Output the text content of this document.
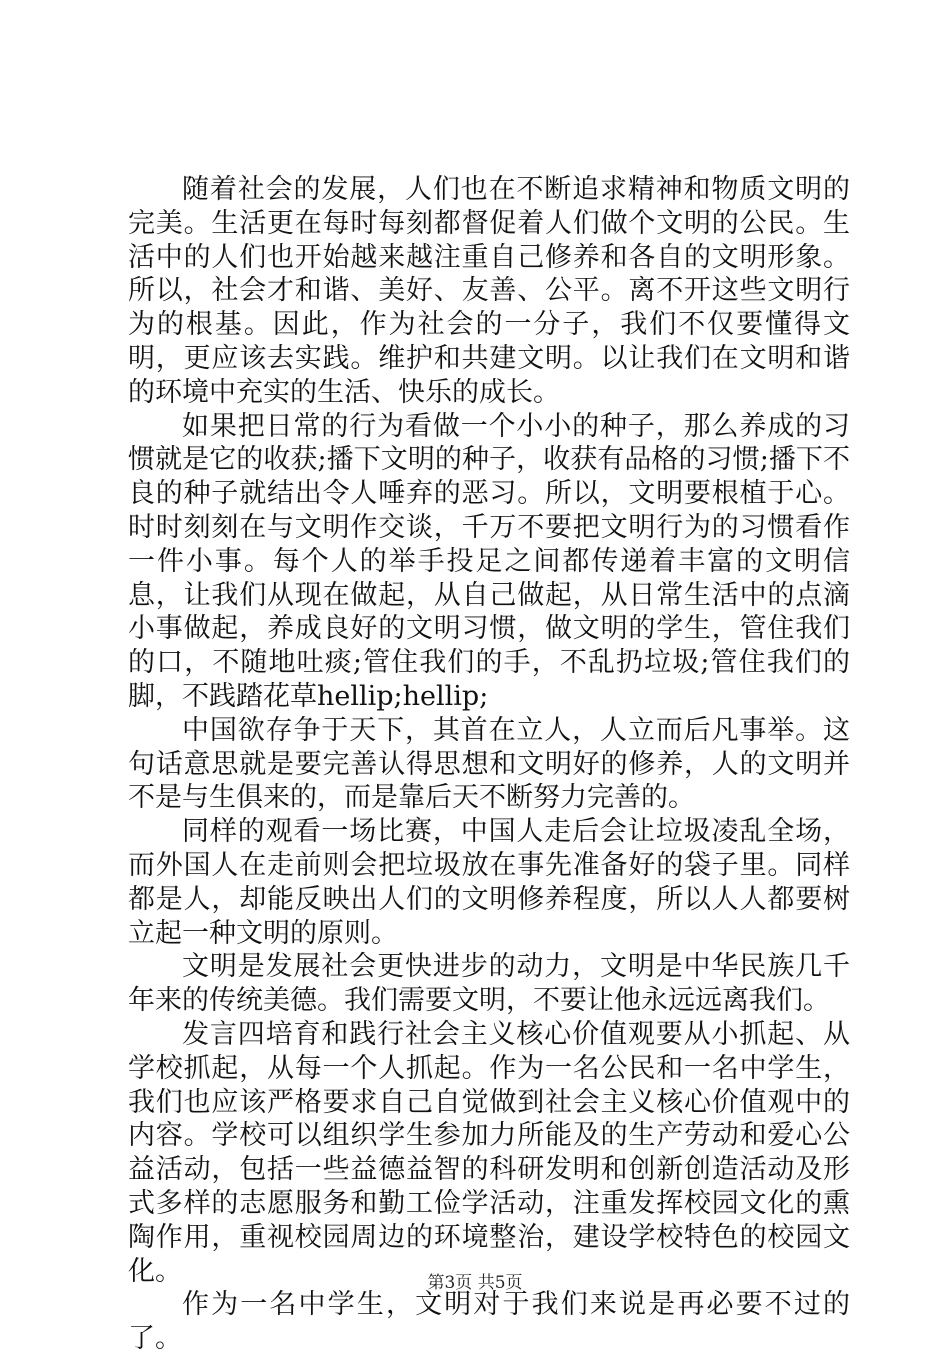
随着社会的发展，人们也在不断追求精神和物质文明的完美。生活更在每时每刻都督促着人们做个文明的公民。生活中的人们也开始越来越注重自己修养和各自的文明形象。所以，社会才和谐、美好、友善、公平。离不开这些文明行为的根基。因此，作为社会的一分子，我们不仅要懂得文明，更应该去实践。维护和共建文明。以让我们在文明和谐的环境中充实的生活、快乐的成长。

如果把日常的行为看做一个小小的种子，那么养成的习惯就是它的收获;播下文明的种子，收获有品格的习惯;播下不良的种子就结出令人唾弃的恶习。所以，文明要根植于心。时时刻刻在与文明作交谈，千万不要把文明行为的习惯看作一件小事。每个人的举手投足之间都传递着丰富的文明信息，让我们从现在做起，从自己做起，从日常生活中的点滴小事做起，养成良好的文明习惯，做文明的学生，管住我们的口，不随地吐痰;管住我们的手，不乱扔垃圾;管住我们的脚，不践踏花草hellip;hellip;

中国欲存争于天下，其首在立人，人立而后凡事举。这句话意思就是要完善认得思想和文明好的修养，人的文明并不是与生俱来的，而是靠后天不断努力完善的。

同样的观看一场比赛，中国人走后会让垃圾凌乱全场，而外国人在走前则会把垃圾放在事先准备好的袋子里。同样都是人，却能反映出人们的文明修养程度，所以人人都要树立起一种文明的原则。

文明是发展社会更快进步的动力，文明是中华民族几千年来的传统美德。我们需要文明，不要让他永远远离我们。

发言四培育和践行社会主义核心价值观要从小抓起、从学校抓起，从每一个人抓起。作为一名公民和一名中学生，我们也应该严格要求自己自觉做到社会主义核心价值观中的内容。学校可以组织学生参加力所能及的生产劳动和爱心公益活动，包括一些益德益智的科研发明和创新创造活动及形式多样的志愿服务和勤工俭学活动，注重发挥校园文化的熏陶作用，重视校园周边的环境整治，建设学校特色的校园文化。

作为一名中学生，文明对于我们来说是再必要不过的了。

第3页 共5页
